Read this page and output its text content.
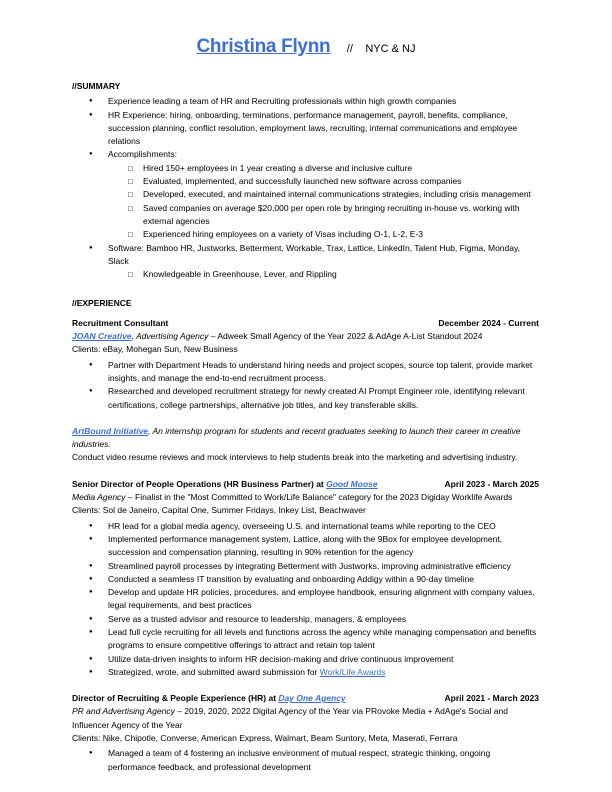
Christina Flynn // NYC & NJ

//SUMMARY

● Experience leading a team of HR and Recruiting professionals within high growth companies
● HR Experience: hiring, onboarding, terminations, performance management, payroll, benefits, compliance, succession planning, conflict resolution, employment laws, recruiting, internal communications and employee relations
● Accomplishments:
□ Hired 150+ employees in 1 year creating a diverse and inclusive culture
□ Evaluated, implemented, and successfully launched new software across companies
□ Developed, executed, and maintained internal communications strategies, including crisis management
□ Saved companies on average $20,000 per open role by bringing recruiting in-house vs. working with external agencies
□ Experienced hiring employees on a variety of Visas including O-1, L-2, E-3
● Software: Bamboo HR, Justworks, Betterment, Workable, Trax, Lattice, LinkedIn, Talent Hub, Figma, Monday, Slack
□ Knowledgeable in Greenhouse, Lever, and Rippling

//EXPERIENCE

Recruitment Consultant	December 2024 - Current
JOAN Creative, Advertising Agency – Adweek Small Agency of the Year 2022 & AdAge A-List Standout 2024
Clients: eBay, Mohegan Sun, New Business
● Partner with Department Heads to understand hiring needs and project scopes, source top talent, provide market insights, and manage the end-to-end recruitment process.
● Researched and developed recruitment strategy for newly created AI Prompt Engineer role, identifying relevant certifications, college partnerships, alternative job titles, and key transferable skills.
ArtBound Initiative, An internship program for students and recent graduates seeking to launch their career in creative industries.
Conduct video resume reviews and mock interviews to help students break into the marketing and advertising industry.
Senior Director of People Operations (HR Business Partner) at Good Moose	April 2023 - March 2025
Media Agency – Finalist in the "Most Committed to Work/Life Balance" category for the 2023 Digiday Worklife Awards
Clients: Sol de Janeiro, Capital One, Summer Fridays, Inkey List, Beachwaver
● HR lead for a global media agency, overseeing U.S. and international teams while reporting to the CEO
● Implemented performance management system, Lattice, along with the 9Box for employee development, succession and compensation planning, resulting in 90% retention for the agency
● Streamlined payroll processes by integrating Betterment with Justworks, improving administrative efficiency
● Conducted a seamless IT transition by evaluating and onboarding Addigy within a 90-day timeline
● Develop and update HR policies, procedures, and employee handbook, ensuring alignment with company values, legal requirements, and best practices
● Serve as a trusted advisor and resource to leadership, managers, & employees
● Lead full cycle recruiting for all levels and functions across the agency while managing compensation and benefits programs to ensure competitive offerings to attract and retain top talent
● Utilize data-driven insights to inform HR decision-making and drive continuous improvement
● Strategized, wrote, and submitted award submission for Work/Life Awards
Director of Recruiting & People Experience (HR) at Day One Agency	April 2021 - March 2023
PR and Advertising Agency – 2019, 2020, 2022 Digital Agency of the Year via PRovoke Media + AdAge's Social and Influencer Agency of the Year
Clients: Nike, Chipotle, Converse, American Express, Walmart, Beam Suntory, Meta, Maserati, Ferrara
● Managed a team of 4 fostering an inclusive environment of mutual respect, strategic thinking, ongoing performance feedback, and professional development
